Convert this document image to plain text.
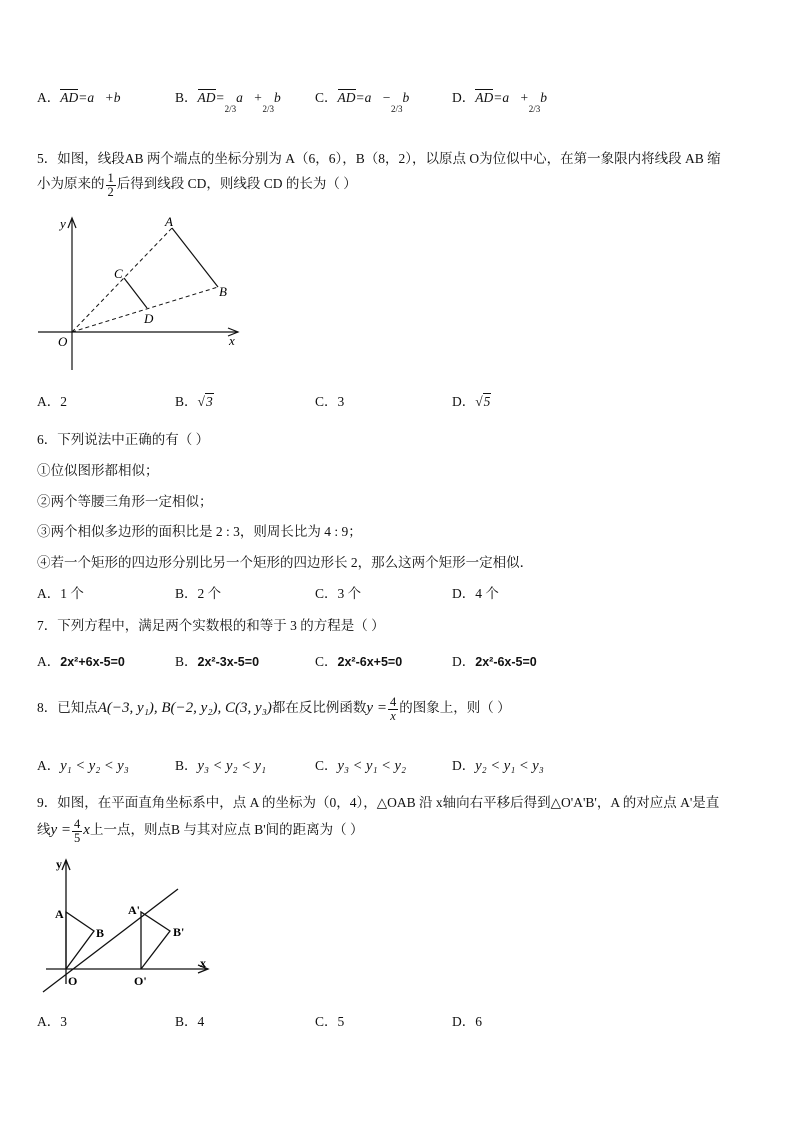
A．AD=a⃗+b⃗	B．$AD=_{2/3}a⃗+_{2/3}b⃗$ C．$AD=a⃗-_{2/3}b⃗$ D．$AD=a⃗+_{2/3}b⃗$
5．如图，线段AB 两个端点的坐标分别为 A（6，6），B（8，2），以原点 O为位似中心，在第一象限内将线段 AB 缩
小为原来的 $\frac{1}{2}$ 后得到线段 CD，则线段 CD 的长为（ ）
y
x
O
A
B
C
D
A．2	B．√3	C．3	D．√5
6．下列说法中正确的有（ ）
①位似图形都相似；
②两个等腰三角形一定相似；
③两个相似多边形的面积比是 2 : 3，则周长比为 4 : 9；
④若一个矩形的四边形分别比另一个矩形的四边形长 2，那么这两个矩形一定相似．
A．1 个	B．2 个	C．3 个	D．4 个
7．下列方程中，满足两个实数根的和等于 3 的方程是（ ）
A．2x²+6x-5=0	B．2x²-3x-5=0	C．2x²-6x+5=0	D．2x²-6x-5=0
8．已知点A(−3, y₁), B(−2, y₂), C(3, y₃)都在反比例函数$y = \frac{4}{x}$ 的图象上，则（ ）
A．y₁ < y₂ < y₃	B．y₃ < y₂ < y₁	C．y₃ < y₁ < y₂	D．y₂ < y₁ < y₃
9．如图，在平面直角坐标系中，点 A 的坐标为（0，4），△OAB 沿 x轴向右平移后得到△O'A'B'，A 的对应点 A'是直
线$y = \frac{4}{5}$ x上一点，则点B 与其对应点 B'间的距离为（ ）
y
x
O	O'
A	A'
B	B'
A．3	B．4	C．5	D．6
